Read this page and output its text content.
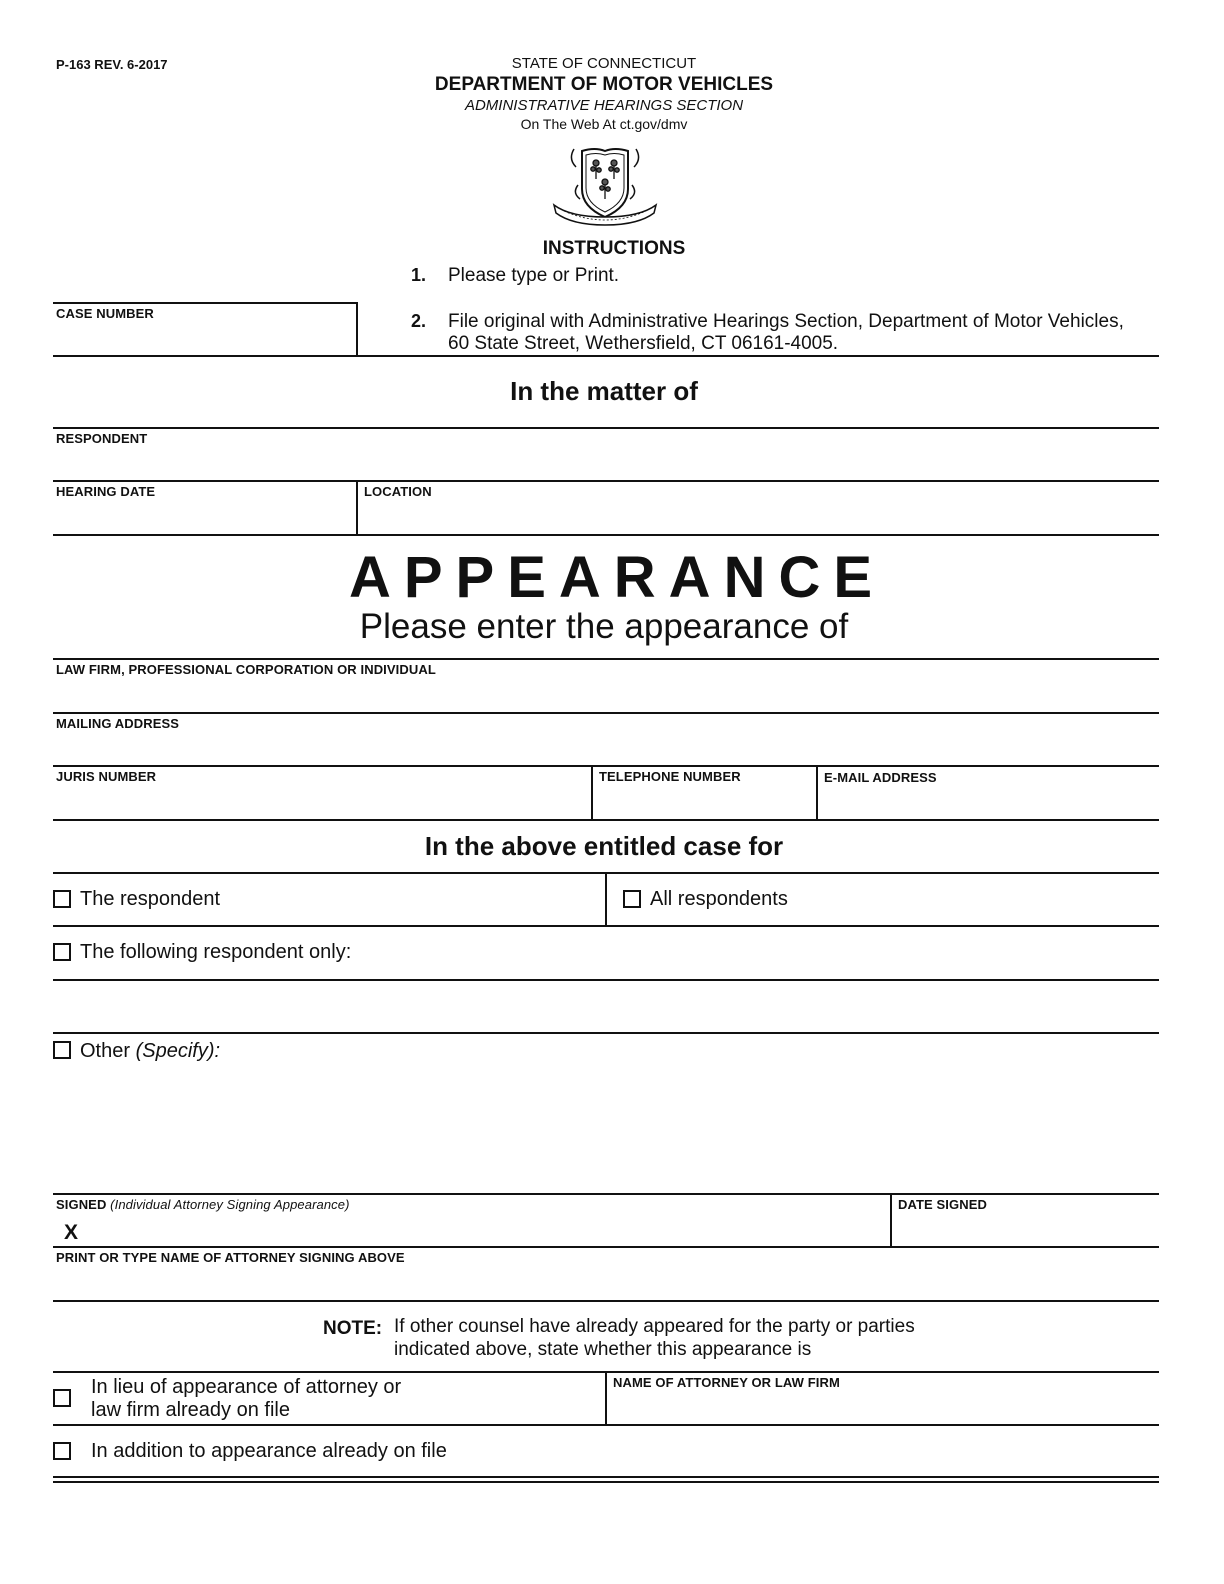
P-163 REV. 6-2017	STATE OF CONNECTICUT
DEPARTMENT OF MOTOR VEHICLES
ADMINISTRATIVE HEARINGS SECTION
On The Web At ct.gov/dmv
INSTRUCTIONS
1. Please type or Print.
2. File original with Administrative Hearings Section, Department of Motor Vehicles,
60 State Street, Wethersfield, CT 06161-4005.
CASE NUMBER
In the matter of
RESPONDENT
HEARING DATE	LOCATION
APPEARANCE
Please enter the appearance of
LAW FIRM, PROFESSIONAL CORPORATION OR INDIVIDUAL
MAILING ADDRESS
JURIS NUMBER	TELEPHONE NUMBER	E-MAIL ADDRESS
In the above entitled case for
The respondent	All respondents
The following respondent only:
Other (Specify):
SIGNED (Individual Attorney Signing Appearance)
X
DATE SIGNED
PRINT OR TYPE NAME OF ATTORNEY SIGNING ABOVE
NOTE: If other counsel have already appeared for the party or parties
indicated above, state whether this appearance is
In lieu of appearance of attorney or
law firm already on file
NAME OF ATTORNEY OR LAW FIRM
In addition to appearance already on file
